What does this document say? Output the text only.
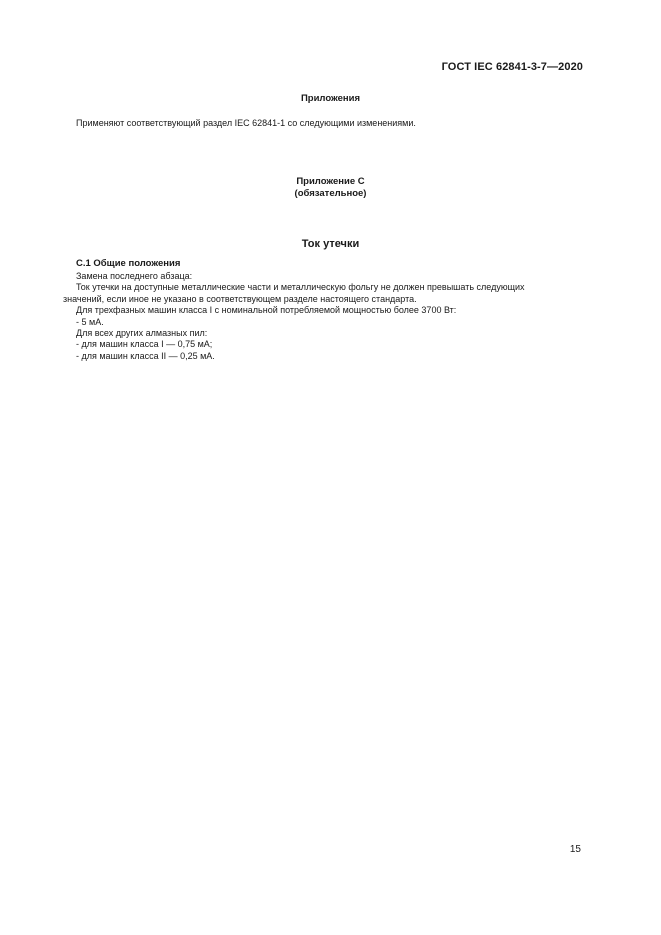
ГОСТ IEC 62841-3-7—2020
Приложения
Применяют соответствующий раздел IEC 62841-1 со следующими изменениями.
Приложение С
(обязательное)
Ток утечки
С.1 Общие положения
Замена последнего абзаца:
Ток утечки на доступные металлические части и металлическую фольгу не должен превышать следующих
значений, если иное не указано в соответствующем разделе настоящего стандарта.
Для трехфазных машин класса I с номинальной потребляемой мощностью более 3700 Вт:
- 5 мА.
Для всех других алмазных пил:
- для машин класса I — 0,75 мА;
- для машин класса II — 0,25 мА.
15
